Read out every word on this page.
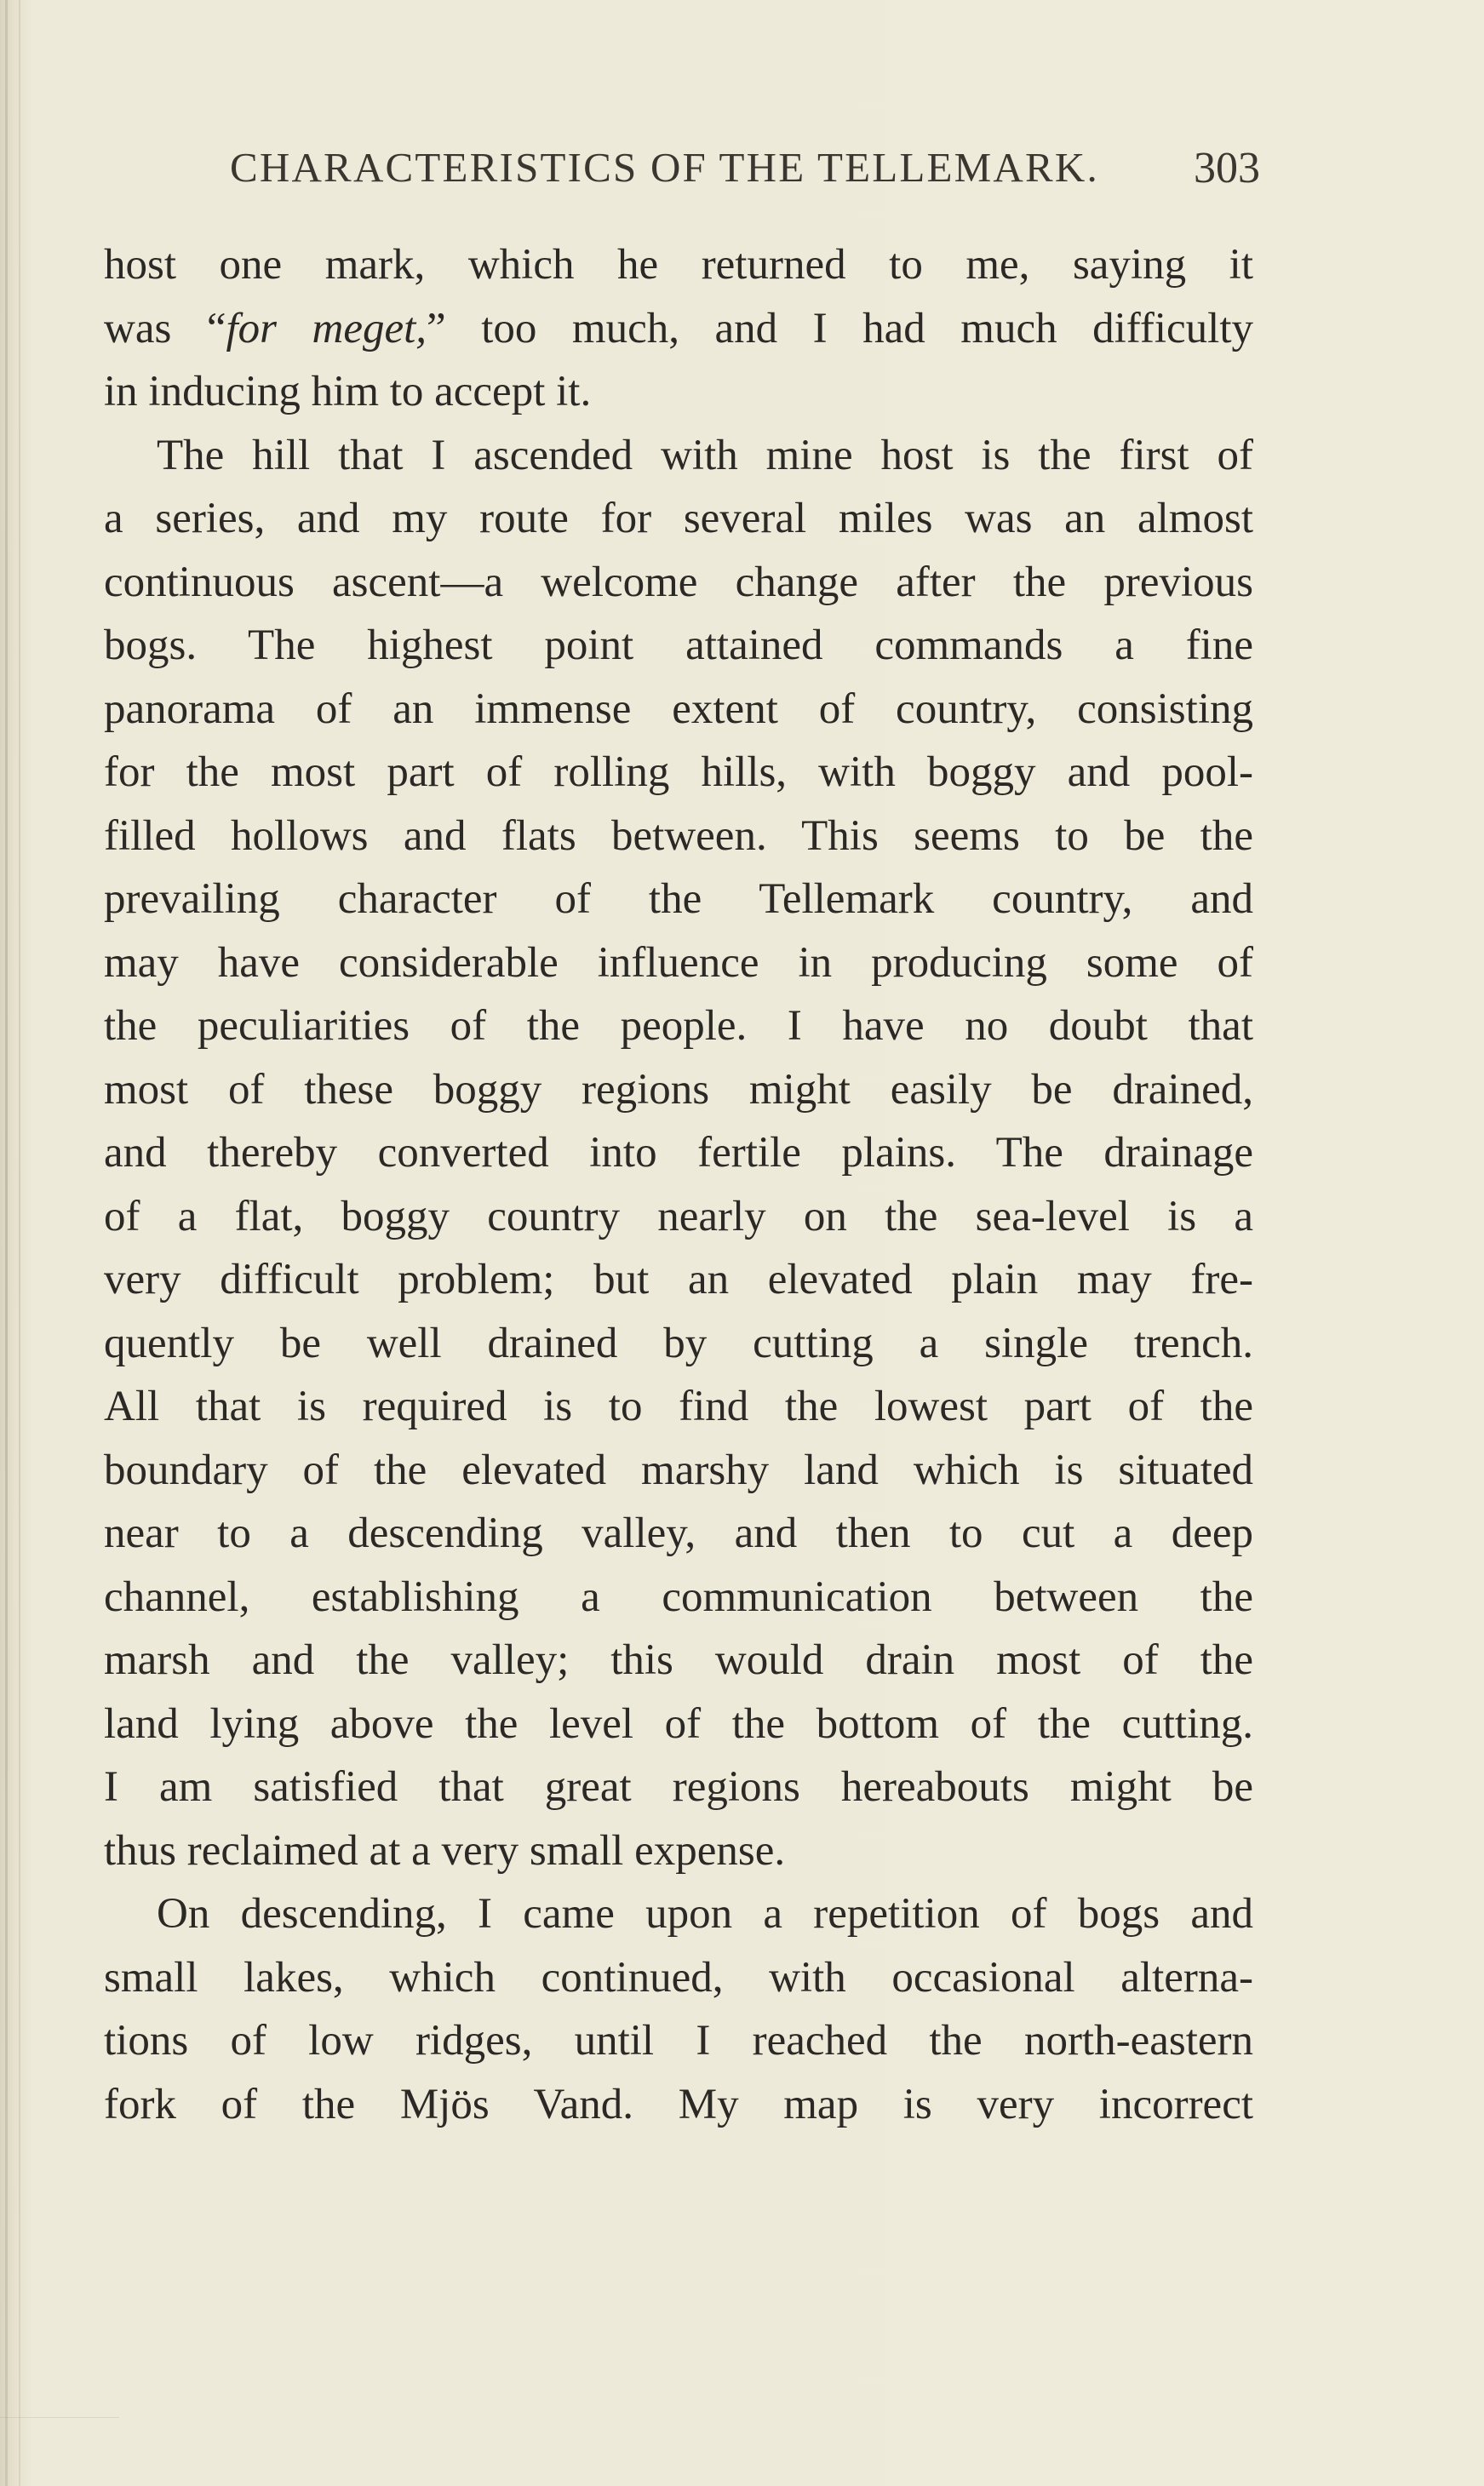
CHARACTERISTICS OF THE TELLEMARK. 303
host one mark, which he returned to me, saying it
was “for meget,” too much, and I had much difficulty
in inducing him to accept it.
The hill that I ascended with mine host is the first of
a series, and my route for several miles was an almost
continuous ascent—a welcome change after the previous
bogs. The highest point attained commands a fine
panorama of an immense extent of country, consisting
for the most part of rolling hills, with boggy and pool-
filled hollows and flats between. This seems to be the
prevailing character of the Tellemark country, and
may have considerable influence in producing some of
the peculiarities of the people. I have no doubt that
most of these boggy regions might easily be drained,
and thereby converted into fertile plains. The drainage
of a flat, boggy country nearly on the sea-level is a
very difficult problem; but an elevated plain may fre-
quently be well drained by cutting a single trench.
All that is required is to find the lowest part of the
boundary of the elevated marshy land which is situated
near to a descending valley, and then to cut a deep
channel, establishing a communication between the
marsh and the valley; this would drain most of the
land lying above the level of the bottom of the cutting.
I am satisfied that great regions hereabouts might be
thus reclaimed at a very small expense.
On descending, I came upon a repetition of bogs and
small lakes, which continued, with occasional alterna-
tions of low ridges, until I reached the north-eastern
fork of the Mjös Vand. My map is very incorrect
